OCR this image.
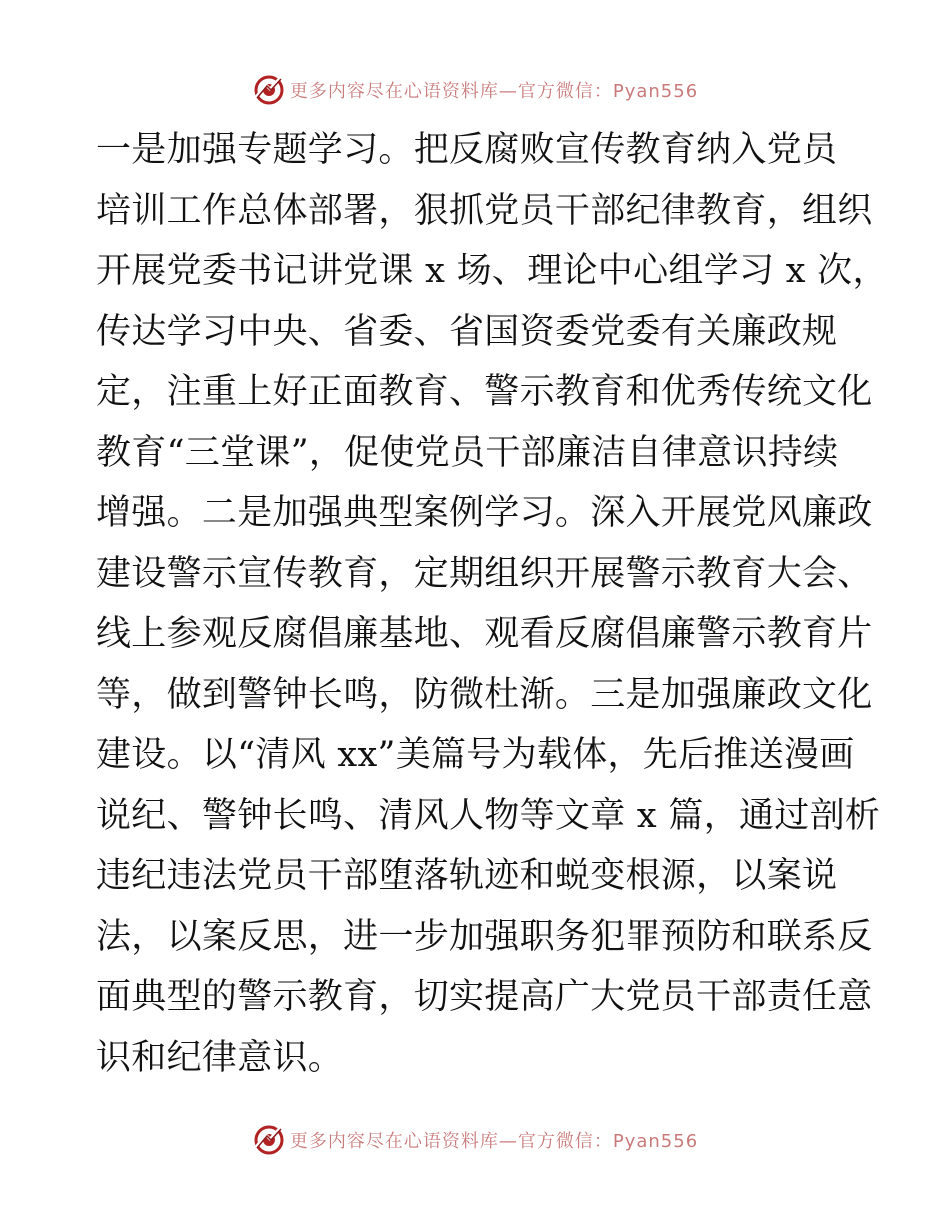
更多内容尽在心语资料库—官方微信：Pyan556
一是加强专题学习。把反腐败宣传教育纳入党员
培训工作总体部署，狠抓党员干部纪律教育，组织
开展党委书记讲党课 x 场、理论中心组学习 x 次，
传达学习中央、省委、省国资委党委有关廉政规
定，注重上好正面教育、警示教育和优秀传统文化
教育“三堂课”，促使党员干部廉洁自律意识持续
增强。二是加强典型案例学习。深入开展党风廉政
建设警示宣传教育，定期组织开展警示教育大会、
线上参观反腐倡廉基地、观看反腐倡廉警示教育片
等，做到警钟长鸣，防微杜渐。三是加强廉政文化
建设。以“清风 xx”美篇号为载体，先后推送漫画
说纪、警钟长鸣、清风人物等文章 x 篇，通过剖析
违纪违法党员干部堕落轨迹和蜕变根源，以案说
法，以案反思，进一步加强职务犯罪预防和联系反
面典型的警示教育，切实提高广大党员干部责任意
识和纪律意识。
更多内容尽在心语资料库—官方微信：Pyan556
